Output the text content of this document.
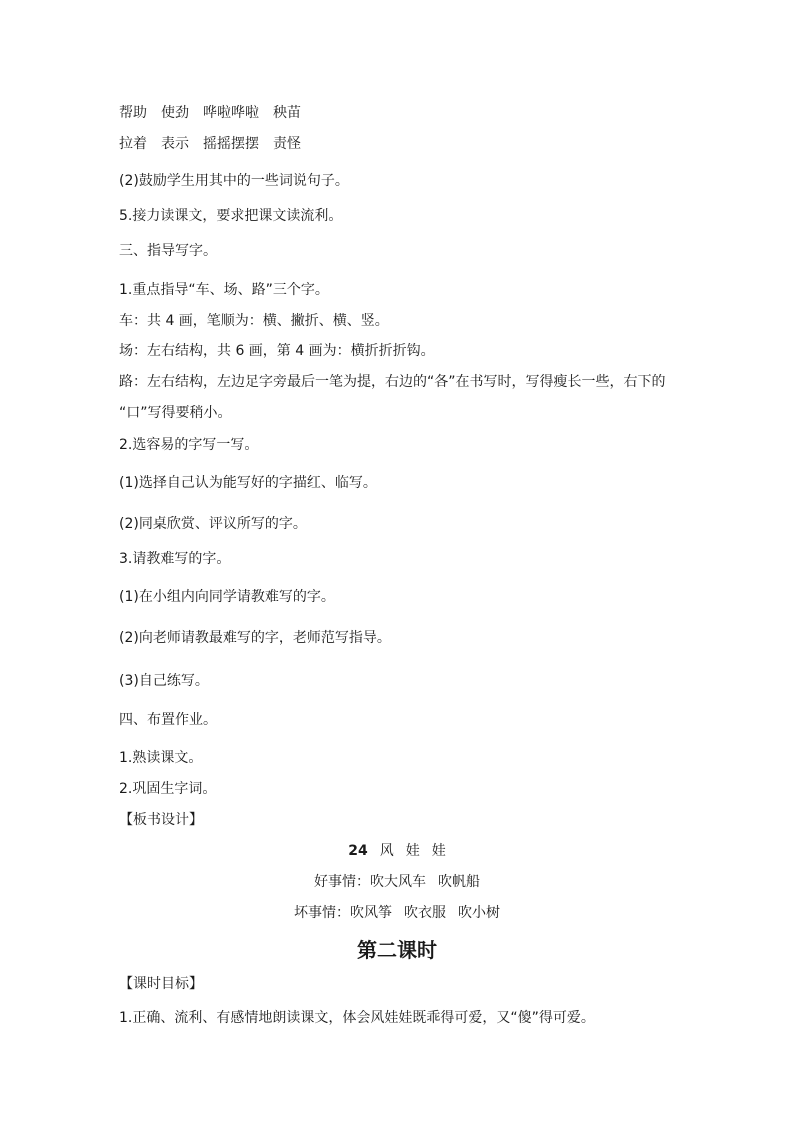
帮助 使劲 哗啦哗啦 秧苗

拉着 表示 摇摇摆摆 责怪

(2)鼓励学生用其中的一些词说句子。

5.接力读课文，要求把课文读流利。

三、指导写字。

1.重点指导“车、场、路”三个字。

车：共 4 画，笔顺为：横、撇折、横、竖。

场：左右结构，共 6 画，第 4 画为：横折折折钩。

路：左右结构，左边足字旁最后一笔为提，右边的“各”在书写时，写得瘦长一些，右下的

“口”写得要稍小。

2.选容易的字写一写。

(1)选择自己认为能写好的字描红、临写。

(2)同桌欣赏、评议所写的字。

3.请教难写的字。

(1)在小组内向同学请教难写的字。

(2)向老师请教最难写的字，老师范写指导。

(3)自己练写。

四、布置作业。

1.熟读课文。

2.巩固生字词。

【板书设计】

24 风 娃 娃

好事情：吹大风车 吹帆船

坏事情：吹风筝 吹衣服 吹小树

第二课时

【课时目标】

1.正确、流利、有感情地朗读课文，体会风娃娃既乖得可爱，又“傻”得可爱。
